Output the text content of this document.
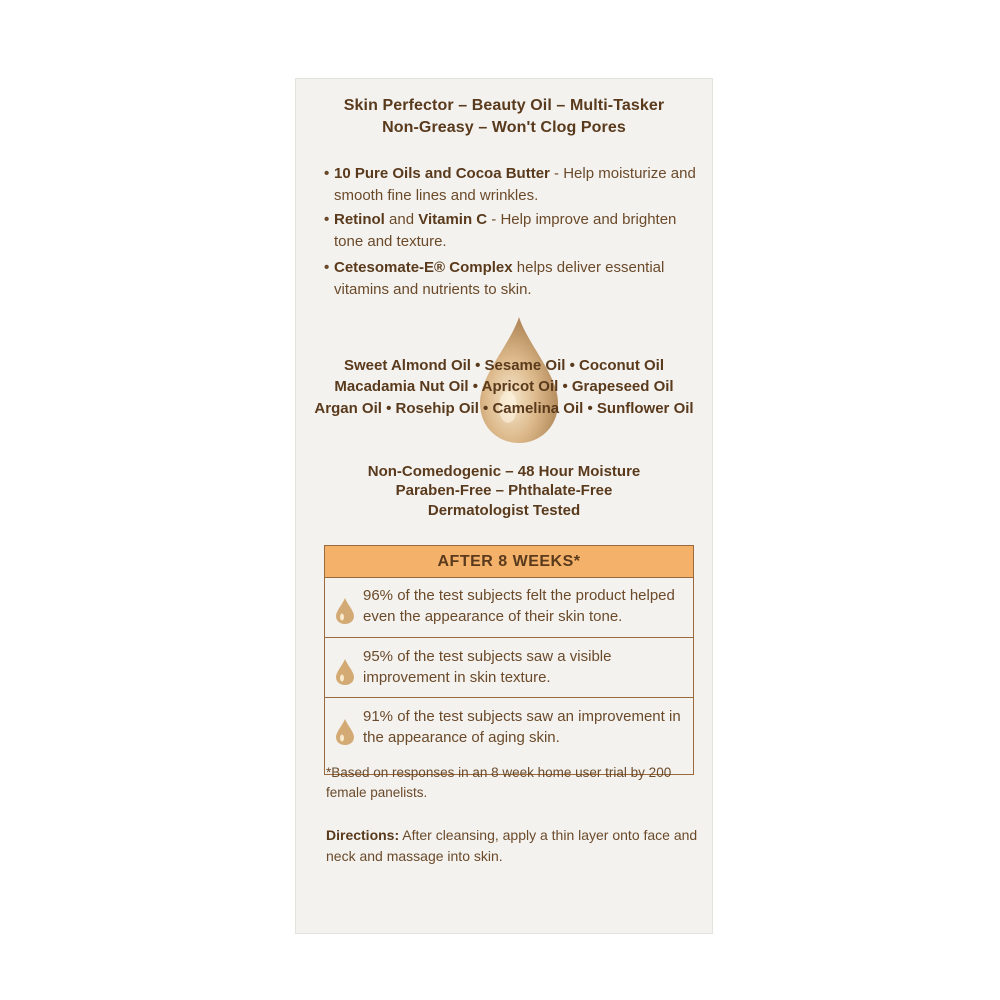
Skin Perfector – Beauty Oil – Multi-Tasker
Non-Greasy – Won't Clog Pores
• 10 Pure Oils and Cocoa Butter - Help moisturize and smooth fine lines and wrinkles.
• Retinol and Vitamin C - Help improve and brighten tone and texture.
• Cetesomate-E® Complex helps deliver essential vitamins and nutrients to skin.
Sweet Almond Oil • Sesame Oil • Coconut Oil
Macadamia Nut Oil • Apricot Oil • Grapeseed Oil
Argan Oil • Rosehip Oil • Camelina Oil • Sunflower Oil
Non-Comedogenic – 48 Hour Moisture
Paraben-Free – Phthalate-Free
Dermatologist Tested
AFTER 8 WEEKS*
96% of the test subjects felt the product helped even the appearance of their skin tone.
95% of the test subjects saw a visible improvement in skin texture.
91% of the test subjects saw an improvement in the appearance of aging skin.
*Based on responses in an 8 week home user trial by 200 female panelists.
Directions: After cleansing, apply a thin layer onto face and neck and massage into skin.
